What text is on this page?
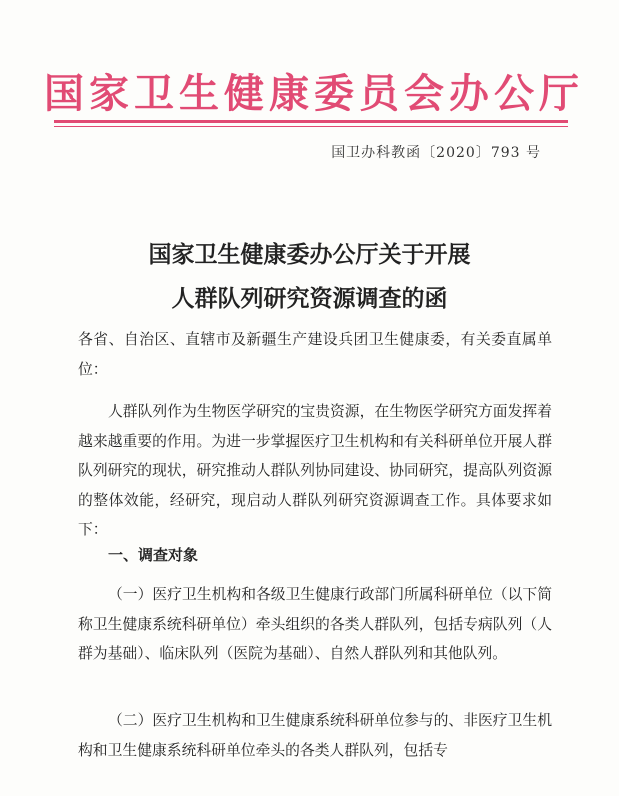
国家卫生健康委员会办公厅
国卫办科教函〔2020〕793 号
国家卫生健康委办公厅关于开展
人群队列研究资源调查的函
各省、自治区、直辖市及新疆生产建设兵团卫生健康委，有关委直属单位：
人群队列作为生物医学研究的宝贵资源，在生物医学研究方面发挥着越来越重要的作用。为进一步掌握医疗卫生机构和有关科研单位开展人群队列研究的现状，研究推动人群队列协同建设、协同研究，提高队列资源的整体效能，经研究，现启动人群队列研究资源调查工作。具体要求如下：
一、调查对象
（一）医疗卫生机构和各级卫生健康行政部门所属科研单位（以下简称卫生健康系统科研单位）牵头组织的各类人群队列，包括专病队列（人群为基础）、临床队列（医院为基础）、自然人群队列和其他队列。
（二）医疗卫生机构和卫生健康系统科研单位参与的、非医疗卫生机构和卫生健康系统科研单位牵头的各类人群队列，包括专
